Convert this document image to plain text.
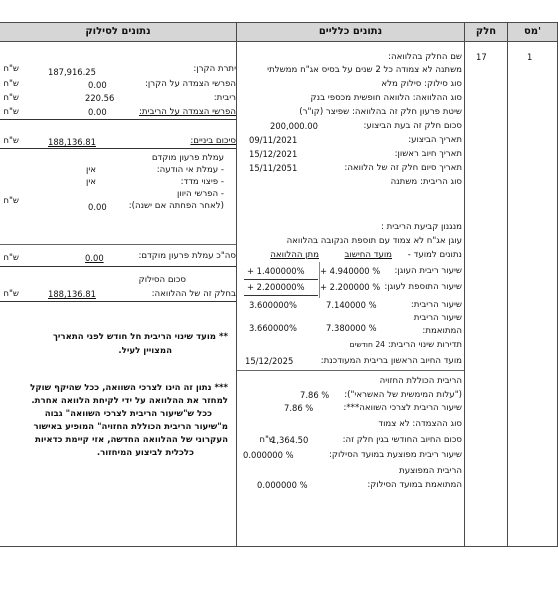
מס'
חלק
נתונים כלליים
נתונים לסילוק
1
17
שם החלק בהלוואה:
משתנה לא צמודה כל 2 שנים על בסיס אג"ח ממשלתי
סוג סילוק: סילוק מלא
סוג ההלוואה: הלוואה חופשית מכספי בנק
שיטת פרעון חלק זה בהלוואה: שפיצר (קו"ר)
סכום חלק זה בעת הביצוע:
200,000.00
תאריך הביצוע:
09/11/2021
תאריך חיוב ראשון:
15/12/2021
תאריך סיום חלק זה של הלוואה:
15/11/2051
סוג הריבית: משתנה
מנגנון קביעת הריבית :
עוגן אג"ח לא צמוד עם תוספת הנקובה בהלוואה
נתונים למועד -
מועד החישוב
מתן ההלוואה
שיעור ריבית העוגן:
+ 4.940000 %
+ 1.400000%
שיעור התוספת לעוגן:
+ 2.200000 %
+ 2.200000%
שיעור הריבית:
7.140000 %
3.600000%
שיעור הריבית
המתואמת:
7.380000 %
3.660000%
תדירות שינוי הריבית:
24 חודשים
מועד החיוב הראשון בריבית המעודכנת:
15/12/2025
הריבית הכוללת החזויה
("עלות המימשית של האשראי"):
7.86 %
שיעור הריבית לצרכי השוואה***:
7.86 %
סוג ההצמדה: לא צמוד
סכום החיוב החודשי בגין חלק זה:
1,364.50
ש"ח
שיעור ריבית מפוצעת במועד הסילוק:
0.000000 %
הריבית המפוצעת
המתואמת במועד הסילוק:
0.000000 %
יתרת הקרן:
187,916.25
ש"ח
הפרשי הצמדה על הקרן:
0.00
ש"ח
ריבית:
220.56
ש"ח
הפרשי הצמדה על הריבית:
0.00
ש"ח
סיכום ביניים:
188,136.81
ש"ח
עמלת פרעון מוקדם
- עמלת אי הודעה:
אין
- פיצוי מדד:
אין
- הפרשי היוון
(לאחר הפחתה אם ישנה):
0.00
ש"ח
סה"כ עמלת פרעון מוקדם:
0.00
ש"ח
סכום הסילוק
בחלק זה של ההלוואה:
188,136.81
ש"ח
** מועד שינוי הריבית חל חודש לפני התאריך
המצויין לעיל.
*** נתון זה הינו לצרכי השוואה, ככל שהיקף שוקל
למחזר את ההלוואה על ידי לקיחת הלוואה אחרת.
ככל ש"שיעור הריבית לצרכי השוואה" גבוה
מ"שיעור הריבית הכוללת החזויה" המופיע באישור
העקרוני של ההלוואה החדשה, אזי קיימת כדאיות
כלכלית לביצוע המיחזור.
